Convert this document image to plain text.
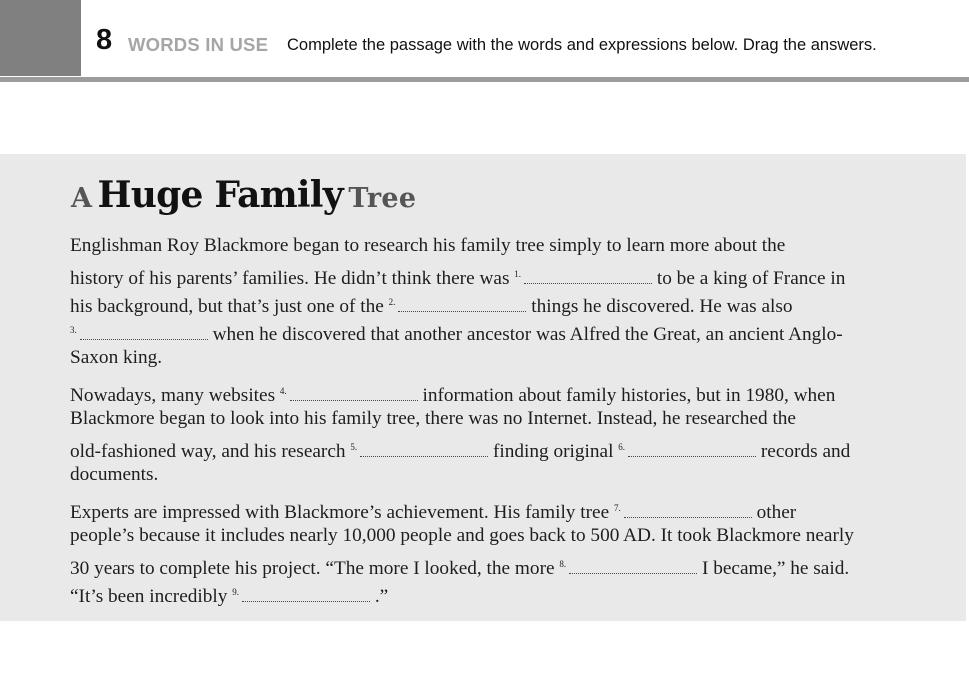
8 WORDS IN USE Complete the passage with the words and expressions below. Drag the answers.
A Huge Family Tree
Englishman Roy Blackmore began to research his family tree simply to learn more about the
history of his parents’ families. He didn’t think there was $^{1.}$	to be a king of France in
his background, but that’s just one of the $^{2.}$	things he discovered. He was also
$^{3.}$	when he discovered that another ancestor was Alfred the Great, an ancient Anglo-
Saxon king.
Nowadays, many websites $^{4.}$	information about family histories, but in 1980, when
Blackmore began to look into his family tree, there was no Internet. Instead, he researched the
old-fashioned way, and his research $^{5.}$	finding original $^{6.}$	records and
documents.
Experts are impressed with Blackmore’s achievement. His family tree $^{7.}$	other
people’s because it includes nearly 10,000 people and goes back to 500 AD. It took Blackmore nearly
30 years to complete his project. “The more I looked, the more $^{8.}$	I became,” he said.
“It’s been incredibly $^{9.}$	.”
